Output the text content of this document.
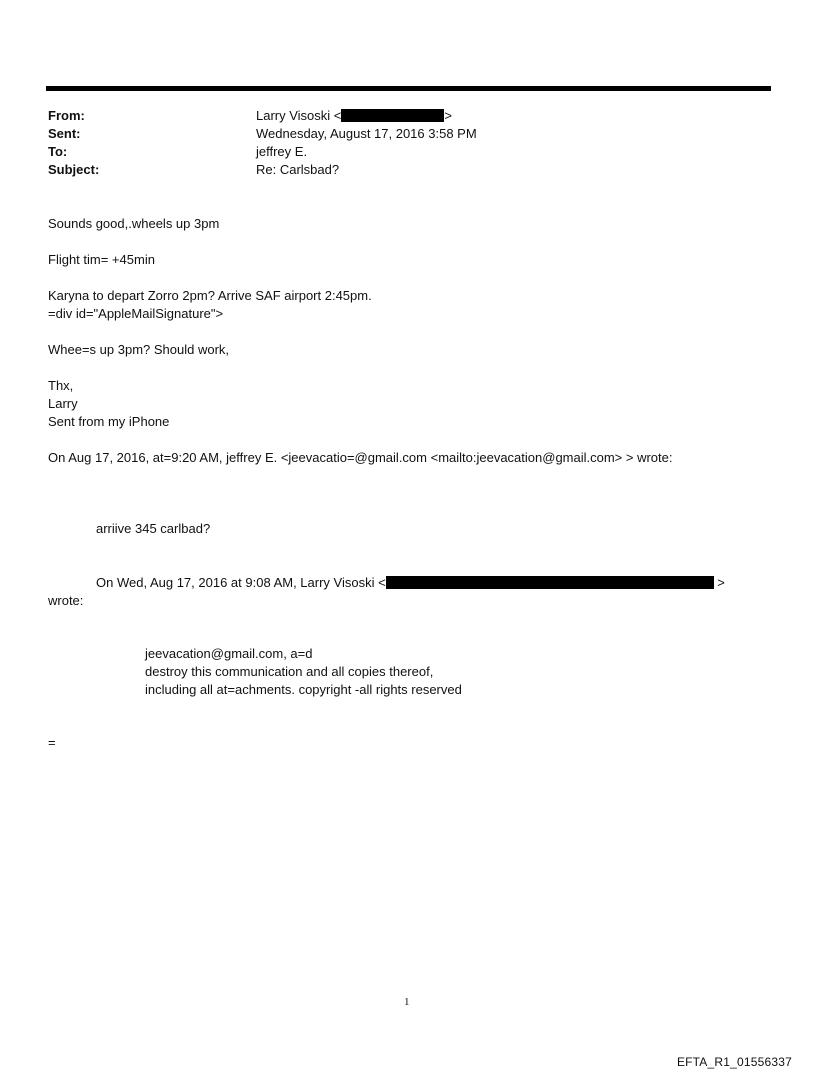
From:	Larry Visoski <	>
Sent:	Wednesday, August 17, 2016 3:58 PM
To:	jeffrey E.
Subject:	Re: Carlsbad?
Sounds good,.wheels up 3pm
Flight tim= +45min
Karyna to depart Zorro 2pm? Arrive SAF airport 2:45pm.
=div id="AppleMailSignature">
Whee=s up 3pm? Should work,
Thx,
Larry
Sent from my iPhone
On Aug 17, 2016, at=9:20 AM, jeffrey E. <jeevacatio=@gmail.com <mailto:jeevacation@gmail.com> > wrote:
arriive 345 carlbad?
On Wed, Aug 17, 2016 at 9:08 AM, Larry Visoski <	>
wrote:
jeevacation@gmail.com, a=d
destroy this communication and all copies thereof,
including all at=achments. copyright -all rights reserved
=
1
EFTA_R1_01556337
